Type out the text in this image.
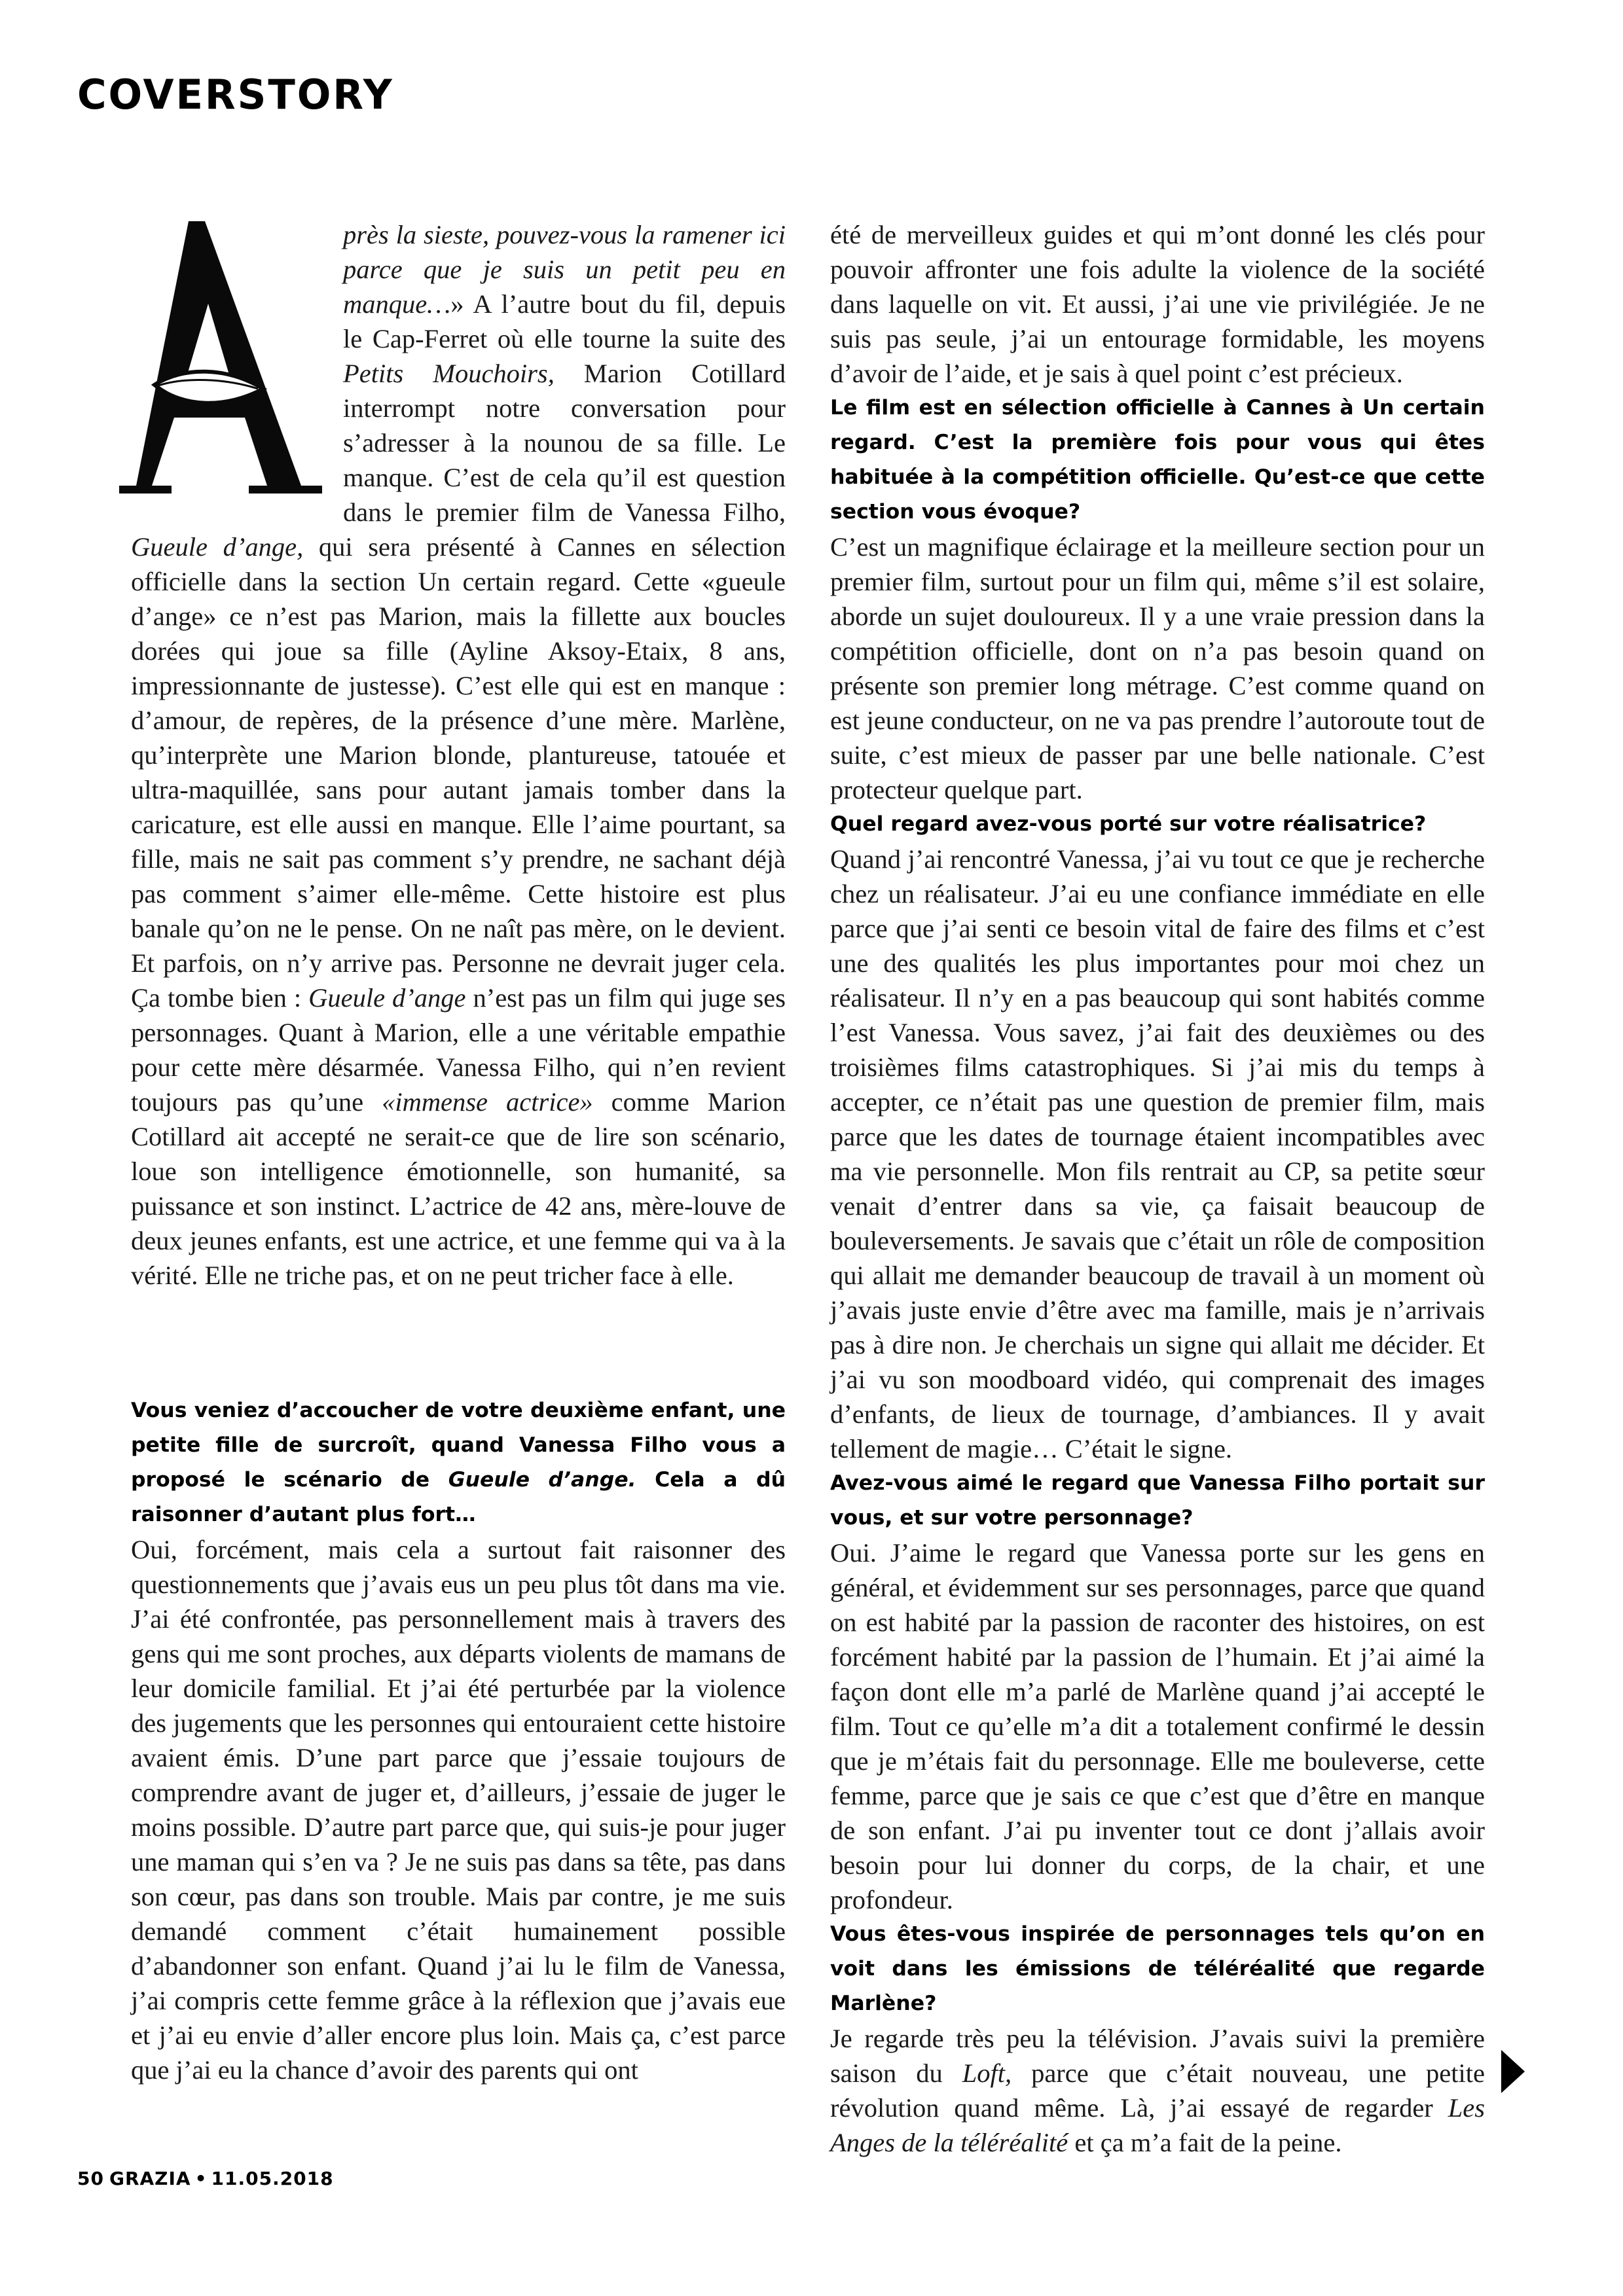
COVERSTORY

près la sieste, pouvez-vous la ramener ici parce que je suis un petit peu en manque…» A l’autre bout du fil, depuis le Cap-Ferret où elle tourne la suite des Petits Mouchoirs, Marion Cotillard interrompt notre conversation pour s’adresser à la nounou de sa fille. Le manque. C’est de cela qu’il est question dans le premier film de Vanessa Filho, Gueule d’ange, qui sera présenté à Cannes en sélection officielle dans la section Un certain regard. Cette «gueule d’ange» ce n’est pas Marion, mais la fillette aux boucles dorées qui joue sa fille (Ayline Aksoy-Etaix, 8 ans, impressionnante de justesse). C’est elle qui est en manque : d’amour, de repères, de la présence d’une mère. Marlène, qu’interprète une Marion blonde, plantureuse, tatouée et ultra-maquillée, sans pour autant jamais tomber dans la caricature, est elle aussi en manque. Elle l’aime pourtant, sa fille, mais ne sait pas comment s’y prendre, ne sachant déjà pas comment s’aimer elle-même. Cette histoire est plus banale qu’on ne le pense. On ne naît pas mère, on le devient. Et parfois, on n’y arrive pas. Personne ne devrait juger cela. Ça tombe bien : Gueule d’ange n’est pas un film qui juge ses personnages. Quant à Marion, elle a une véritable empathie pour cette mère désarmée. Vanessa Filho, qui n’en revient toujours pas qu’une «immense actrice» comme Marion Cotillard ait accepté ne serait-ce que de lire son scénario, loue son intelligence émotionnelle, son humanité, sa puissance et son instinct. L’actrice de 42 ans, mère-louve de deux jeunes enfants, est une actrice, et une femme qui va à la vérité. Elle ne triche pas, et on ne peut tricher face à elle.

Vous veniez d’accoucher de votre deuxième enfant, une petite fille de surcroît, quand Vanessa Filho vous a proposé le scénario de Gueule d’ange. Cela a dû raisonner d’autant plus fort…

Oui, forcément, mais cela a surtout fait raisonner des questionnements que j’avais eus un peu plus tôt dans ma vie. J’ai été confrontée, pas personnellement mais à travers des gens qui me sont proches, aux départs violents de mamans de leur domicile familial. Et j’ai été perturbée par la violence des jugements que les personnes qui entouraient cette histoire avaient émis. D’une part parce que j’essaie toujours de comprendre avant de juger et, d’ailleurs, j’essaie de juger le moins possible. D’autre part parce que, qui suis-je pour juger une maman qui s’en va ? Je ne suis pas dans sa tête, pas dans son cœur, pas dans son trouble. Mais par contre, je me suis demandé comment c’était humainement possible d’abandonner son enfant. Quand j’ai lu le film de Vanessa, j’ai compris cette femme grâce à la réflexion que j’avais eue et j’ai eu envie d’aller encore plus loin. Mais ça, c’est parce que j’ai eu la chance d’avoir des parents qui ont

été de merveilleux guides et qui m’ont donné les clés pour pouvoir affronter une fois adulte la violence de la société dans laquelle on vit. Et aussi, j’ai une vie privilégiée. Je ne suis pas seule, j’ai un entourage formidable, les moyens d’avoir de l’aide, et je sais à quel point c’est précieux.

Le film est en sélection officielle à Cannes à Un certain regard. C’est la première fois pour vous qui êtes habituée à la compétition officielle. Qu’est-ce que cette section vous évoque?

C’est un magnifique éclairage et la meilleure section pour un premier film, surtout pour un film qui, même s’il est solaire, aborde un sujet douloureux. Il y a une vraie pression dans la compétition officielle, dont on n’a pas besoin quand on présente son premier long métrage. C’est comme quand on est jeune conducteur, on ne va pas prendre l’autoroute tout de suite, c’est mieux de passer par une belle nationale. C’est protecteur quelque part.

Quel regard avez-vous porté sur votre réalisatrice?

Quand j’ai rencontré Vanessa, j’ai vu tout ce que je recherche chez un réalisateur. J’ai eu une confiance immédiate en elle parce que j’ai senti ce besoin vital de faire des films et c’est une des qualités les plus importantes pour moi chez un réalisateur. Il n’y en a pas beaucoup qui sont habités comme l’est Vanessa. Vous savez, j’ai fait des deuxièmes ou des troisièmes films catastrophiques. Si j’ai mis du temps à accepter, ce n’était pas une question de premier film, mais parce que les dates de tournage étaient incompatibles avec ma vie personnelle. Mon fils rentrait au CP, sa petite sœur venait d’entrer dans sa vie, ça faisait beaucoup de bouleversements. Je savais que c’était un rôle de composition qui allait me demander beaucoup de travail à un moment où j’avais juste envie d’être avec ma famille, mais je n’arrivais pas à dire non. Je cherchais un signe qui allait me décider. Et j’ai vu son moodboard vidéo, qui comprenait des images d’enfants, de lieux de tournage, d’ambiances. Il y avait tellement de magie… C’était le signe.

Avez-vous aimé le regard que Vanessa Filho portait sur vous, et sur votre personnage?

Oui. J’aime le regard que Vanessa porte sur les gens en général, et évidemment sur ses personnages, parce que quand on est habité par la passion de raconter des histoires, on est forcément habité par la passion de l’humain. Et j’ai aimé la façon dont elle m’a parlé de Marlène quand j’ai accepté le film. Tout ce qu’elle m’a dit a totalement confirmé le dessin que je m’étais fait du personnage. Elle me bouleverse, cette femme, parce que je sais ce que c’est que d’être en manque de son enfant. J’ai pu inventer tout ce dont j’allais avoir besoin pour lui donner du corps, de la chair, et une profondeur.

Vous êtes-vous inspirée de personnages tels qu’on en voit dans les émissions de téléréalité que regarde Marlène?

Je regarde très peu la télévision. J’avais suivi la première saison du Loft, parce que c’était nouveau, une petite révolution quand même. Là, j’ai essayé de regarder Les Anges de la téléréalité et ça m’a fait de la peine.

50 GRAZIA • 11.05.2018
